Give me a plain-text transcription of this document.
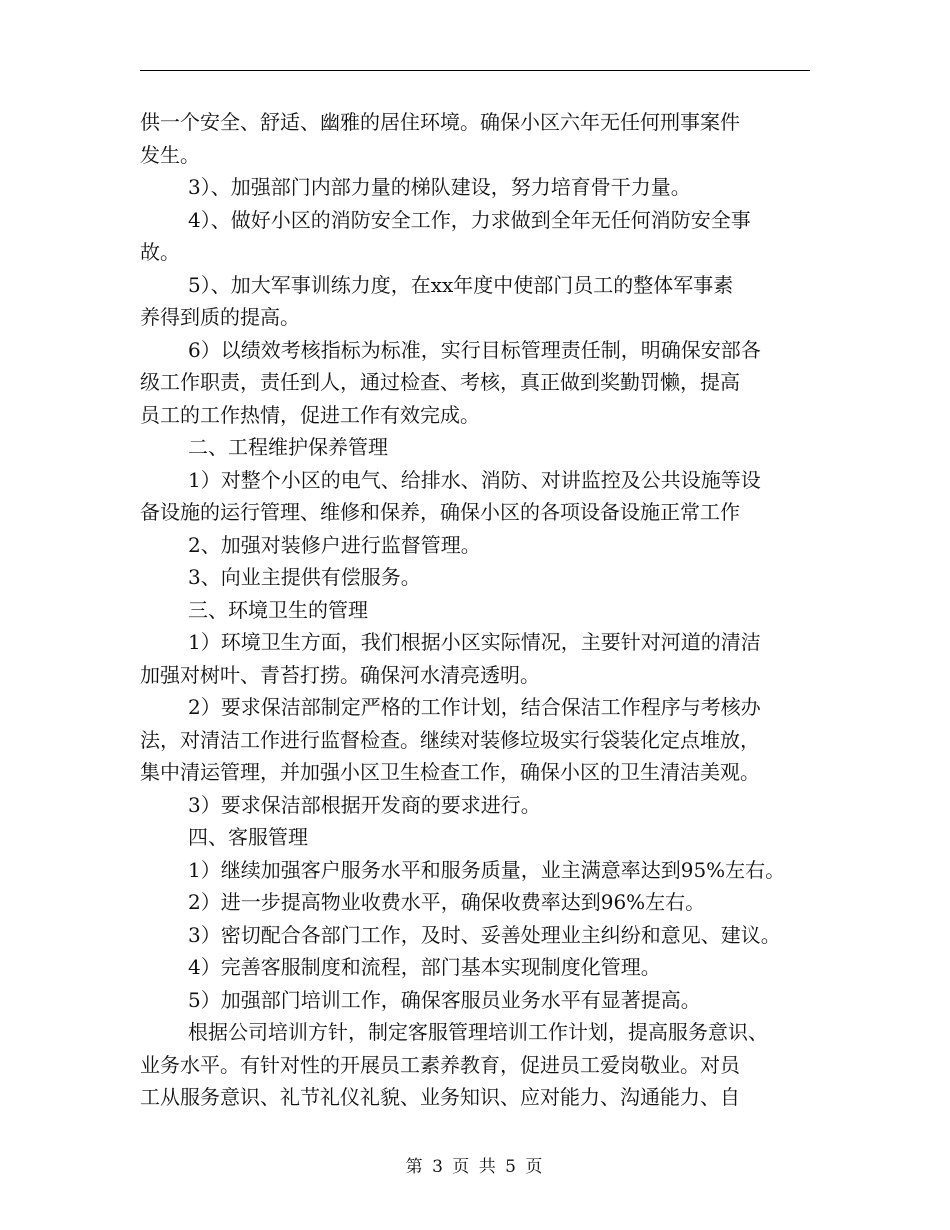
供一个安全、舒适、幽雅的居住环境。确保小区六年无任何刑事案件
发生。
3）、加强部门内部力量的梯队建设，努力培育骨干力量。
4）、做好小区的消防安全工作，力求做到全年无任何消防安全事
故。
5）、加大军事训练力度，在xx年度中使部门员工的整体军事素
养得到质的提高。
6）以绩效考核指标为标准，实行目标管理责任制，明确保安部各
级工作职责，责任到人，通过检查、考核，真正做到奖勤罚懒，提高
员工的工作热情，促进工作有效完成。
二、工程维护保养管理
1）对整个小区的电气、给排水、消防、对讲监控及公共设施等设
备设施的运行管理、维修和保养，确保小区的各项设备设施正常工作
2、加强对装修户进行监督管理。
3、向业主提供有偿服务。
三、环境卫生的管理
1）环境卫生方面，我们根据小区实际情况，主要针对河道的清洁
加强对树叶、青苔打捞。确保河水清亮透明。
2）要求保洁部制定严格的工作计划，结合保洁工作程序与考核办
法，对清洁工作进行监督检查。继续对装修垃圾实行袋装化定点堆放，
集中清运管理，并加强小区卫生检查工作，确保小区的卫生清洁美观。
3）要求保洁部根据开发商的要求进行。
四、客服管理
1）继续加强客户服务水平和服务质量，业主满意率达到95%左右。
2）进一步提高物业收费水平，确保收费率达到96%左右。
3）密切配合各部门工作，及时、妥善处理业主纠纷和意见、建议。
4）完善客服制度和流程，部门基本实现制度化管理。
5）加强部门培训工作，确保客服员业务水平有显著提高。
根据公司培训方针，制定客服管理培训工作计划，提高服务意识、
业务水平。有针对性的开展员工素养教育，促进员工爱岗敬业。对员
工从服务意识、礼节礼仪礼貌、业务知识、应对能力、沟通能力、自
第 3 页 共 5 页
